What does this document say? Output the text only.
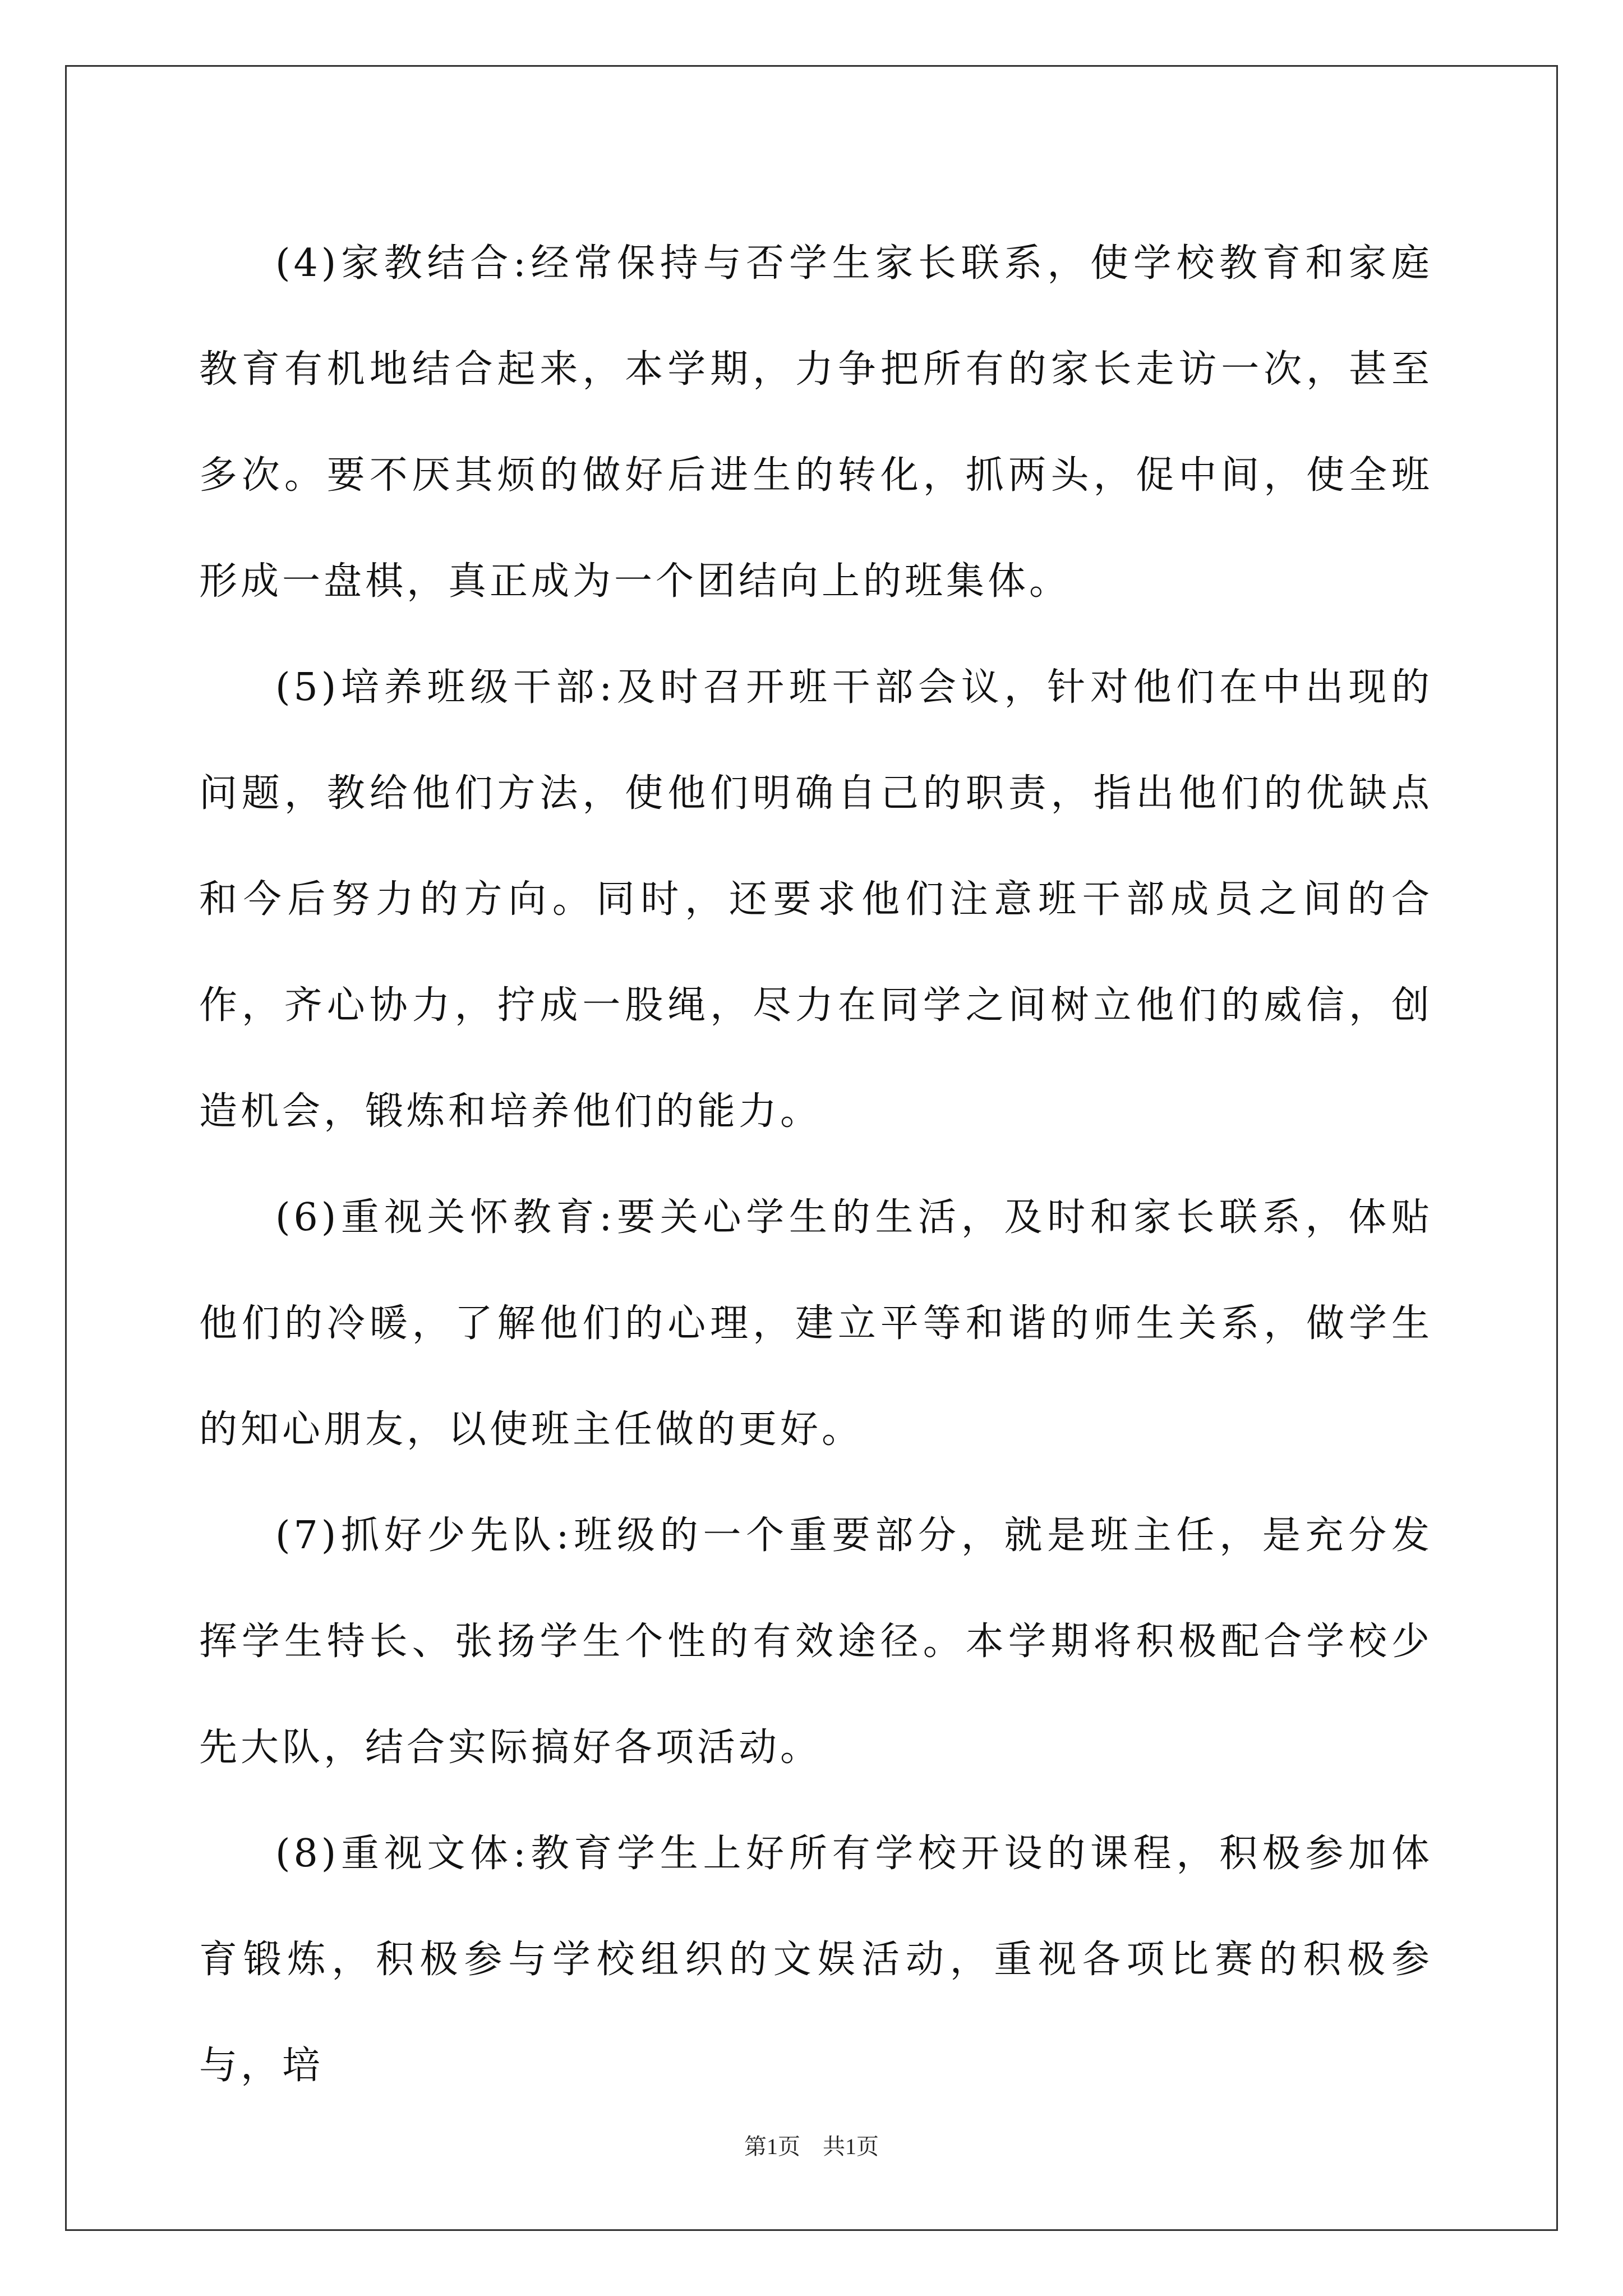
(4)家教结合:经常保持与否学生家长联系，使学校教育和家庭教育有机地结合起来，本学期，力争把所有的家长走访一次，甚至多次。要不厌其烦的做好后进生的转化，抓两头，促中间，使全班形成一盘棋，真正成为一个团结向上的班集体。

(5)培养班级干部:及时召开班干部会议，针对他们在中出现的问题，教给他们方法，使他们明确自己的职责，指出他们的优缺点和今后努力的方向。同时，还要求他们注意班干部成员之间的合作，齐心协力，拧成一股绳，尽力在同学之间树立他们的威信，创造机会，锻炼和培养他们的能力。

(6)重视关怀教育:要关心学生的生活，及时和家长联系，体贴他们的冷暖，了解他们的心理，建立平等和谐的师生关系，做学生的知心朋友，以使班主任做的更好。

(7)抓好少先队:班级的一个重要部分，就是班主任，是充分发挥学生特长、张扬学生个性的有效途径。本学期将积极配合学校少先大队，结合实际搞好各项活动。

(8)重视文体:教育学生上好所有学校开设的课程，积极参加体育锻炼，积极参与学校组织的文娱活动，重视各项比赛的积极参与，培

第1页　共1页
